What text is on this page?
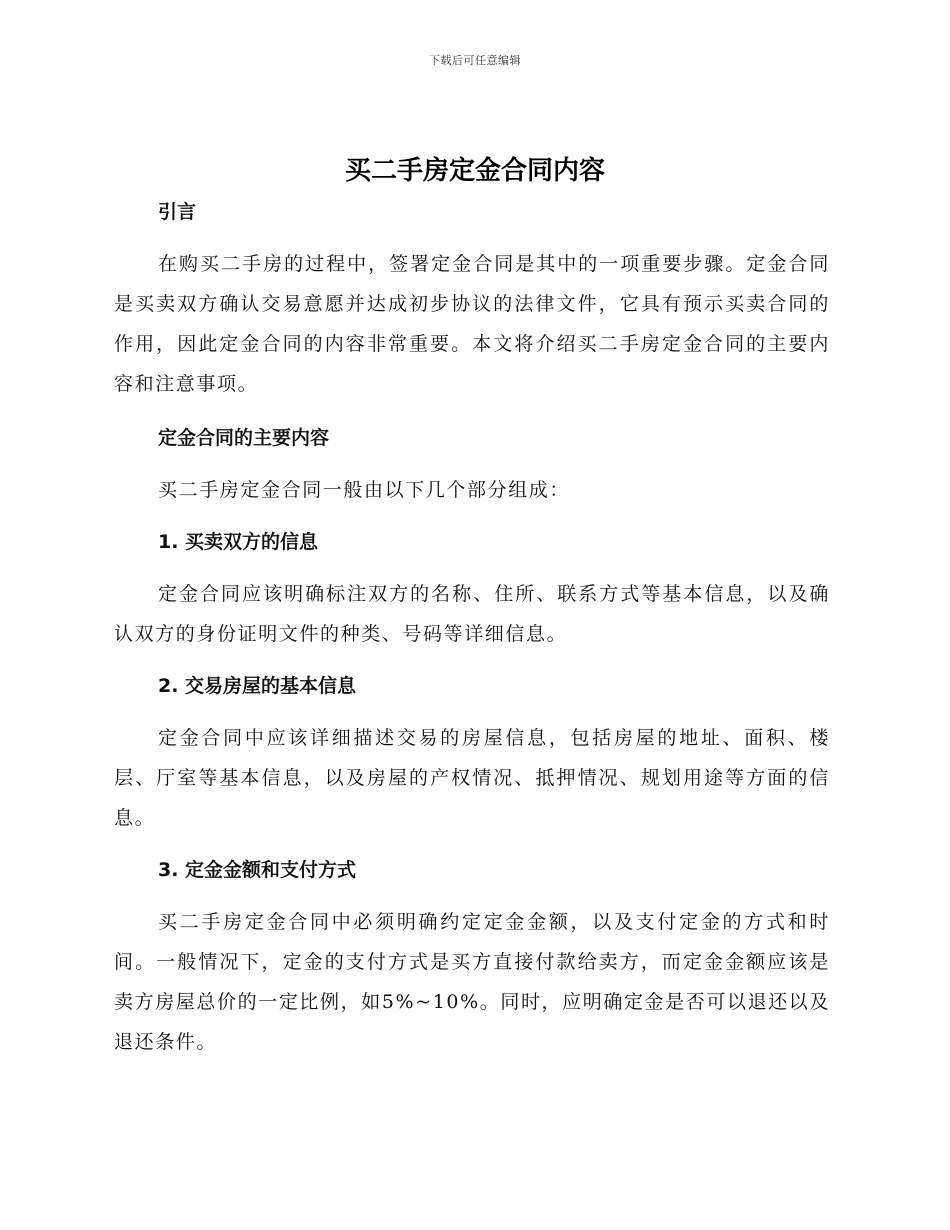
下载后可任意编辑
买二手房定金合同内容

引言

在购买二手房的过程中，签署定金合同是其中的一项重要步骤。定金合同是买卖双方确认交易意愿并达成初步协议的法律文件，它具有预示买卖合同的作用，因此定金合同的内容非常重要。本文将介绍买二手房定金合同的主要内容和注意事项。

定金合同的主要内容

买二手房定金合同一般由以下几个部分组成：

1. 买卖双方的信息

定金合同应该明确标注双方的名称、住所、联系方式等基本信息，以及确认双方的身份证明文件的种类、号码等详细信息。

2. 交易房屋的基本信息

定金合同中应该详细描述交易的房屋信息，包括房屋的地址、面积、楼层、厅室等基本信息，以及房屋的产权情况、抵押情况、规划用途等方面的信息。

3. 定金金额和支付方式

买二手房定金合同中必须明确约定定金金额，以及支付定金的方式和时间。一般情况下，定金的支付方式是买方直接付款给卖方，而定金金额应该是卖方房屋总价的一定比例，如5%~10%。同时，应明确定金是否可以退还以及退还条件。
